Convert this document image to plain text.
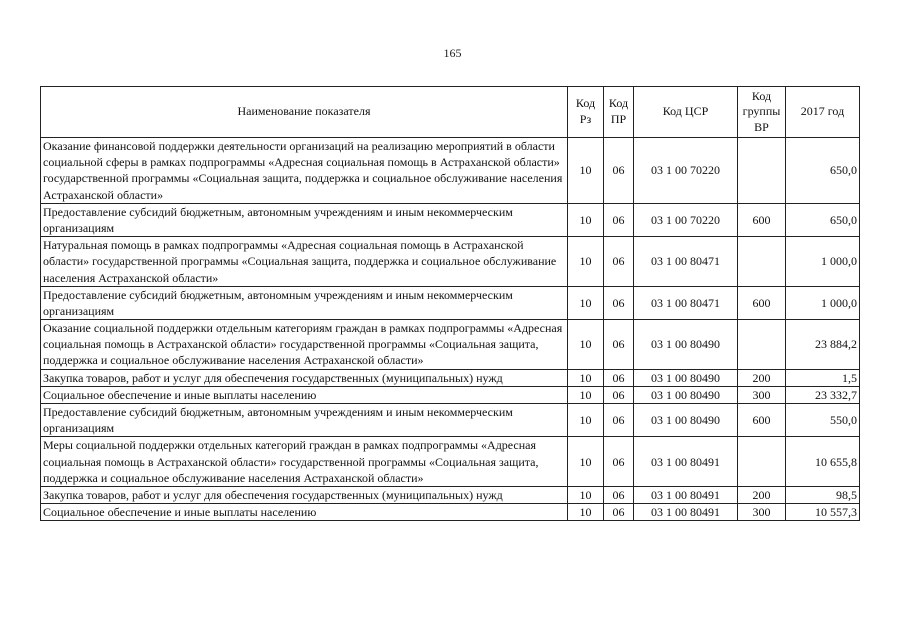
165
Наименование показателя	Код Рз	Код ПР	Код ЦСР	Код группы ВР	2017 год
Оказание финансовой поддержки деятельности организаций на реализацию мероприятий в области социальной сферы в рамках подпрограммы «Адресная социальная помощь в Астраханской области» государственной программы «Социальная защита, поддержка и социальное обслуживание населения Астраханской области»	10	06	03 1 00 70220		650,0
Предоставление субсидий бюджетным, автономным учреждениям и иным некоммерческим организациям	10	06	03 1 00 70220	600	650,0
Натуральная помощь в рамках подпрограммы «Адресная социальная помощь в Астраханской области» государственной программы «Социальная защита, поддержка и социальное обслуживание населения Астраханской области»	10	06	03 1 00 80471		1 000,0
Предоставление субсидий бюджетным, автономным учреждениям и иным некоммерческим организациям	10	06	03 1 00 80471	600	1 000,0
Оказание социальной поддержки отдельным категориям граждан в рамках подпрограммы «Адресная социальная помощь в Астраханской области» государственной программы «Социальная защита, поддержка и социальное обслуживание населения Астраханской области»	10	06	03 1 00 80490		23 884,2
Закупка товаров, работ и услуг для обеспечения государственных (муниципальных) нужд	10	06	03 1 00 80490	200	1,5
Социальное обеспечение и иные выплаты населению	10	06	03 1 00 80490	300	23 332,7
Предоставление субсидий бюджетным, автономным учреждениям и иным некоммерческим организациям	10	06	03 1 00 80490	600	550,0
Меры социальной поддержки отдельных категорий граждан в рамках подпрограммы «Адресная социальная помощь в Астраханской области» государственной программы «Социальная защита, поддержка и социальное обслуживание населения Астраханской области»	10	06	03 1 00 80491		10 655,8
Закупка товаров, работ и услуг для обеспечения государственных (муниципальных) нужд	10	06	03 1 00 80491	200	98,5
Социальное обеспечение и иные выплаты населению	10	06	03 1 00 80491	300	10 557,3
